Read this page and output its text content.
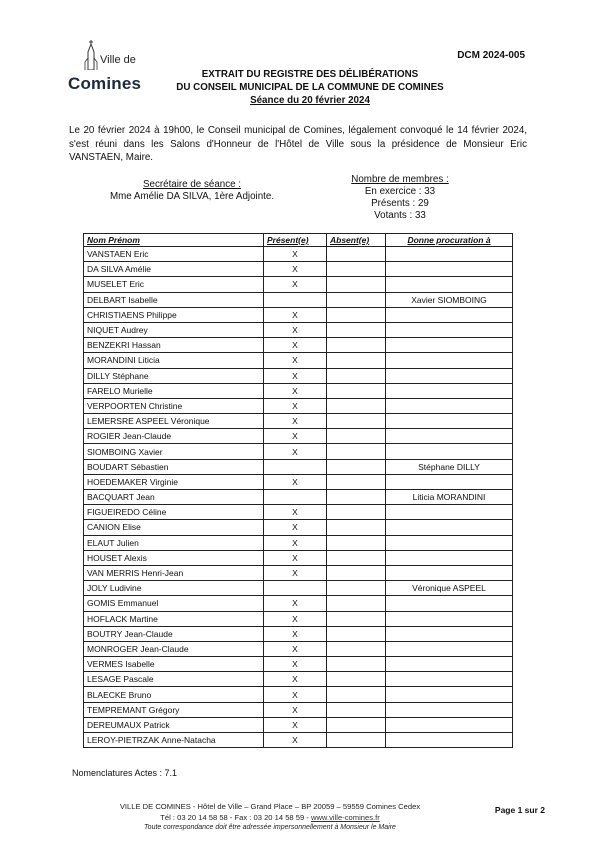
Ville de
Comines
DCM 2024-005
EXTRAIT DU REGISTRE DES DÉLIBÉRATIONS
DU CONSEIL MUNICIPAL DE LA COMMUNE DE COMINES
Séance du 20 février 2024
Le 20 février 2024 à 19h00, le Conseil municipal de Comines, légalement convoqué le 14 février 2024, s'est réuni dans les Salons d'Honneur de l'Hôtel de Ville sous la présidence de Monsieur Eric VANSTAEN, Maire.
Secrétaire de séance :
Mme Amélie DA SILVA, 1ère Adjointe.
Nombre de membres :
En exercice : 33
Présents : 29
Votants : 33
Nom Prénom	Présent(e)	Absent(e)	Donne procuration à
VANSTAEN Eric	X		
DA SILVA Amélie	X		
MUSELET Eric	X		
DELBART Isabelle			Xavier SIOMBOING
CHRISTIAENS Philippe	X		
NIQUET Audrey	X		
BENZEKRI Hassan	X		
MORANDINI Liticia	X		
DILLY Stéphane	X		
FARELO Murielle	X		
VERPOORTEN Christine	X		
LEMERSRE ASPEEL Véronique	X		
ROGIER Jean-Claude	X		
SIOMBOING Xavier	X		
BOUDART Sébastien			Stéphane DILLY
HOEDEMAKER Virginie	X		
BACQUART Jean			Liticia MORANDINI
FIGUEIREDO Céline	X		
CANION Elise	X		
ELAUT Julien	X		
HOUSET Alexis	X		
VAN MERRIS Henri-Jean	X		
JOLY Ludivine			Véronique ASPEEL
GOMIS Emmanuel	X		
HOFLACK Martine	X		
BOUTRY Jean-Claude	X		
MONROGER Jean-Claude	X		
VERMES Isabelle	X		
LESAGE Pascale	X		
BLAECKE Bruno	X		
TEMPREMANT Grégory	X		
DEREUMAUX Patrick	X		
LEROY-PIETRZAK Anne-Natacha	X		
Nomenclatures Actes : 7.1
VILLE DE COMINES - Hôtel de Ville – Grand Place – BP 20059 – 59559 Comines Cedex
Tél : 03 20 14 58 58 - Fax : 03 20 14 58 59 - www.ville-comines.fr
Toute correspondance doit être adressée impersonnellement à Monsieur le Maire
Page 1 sur 2
